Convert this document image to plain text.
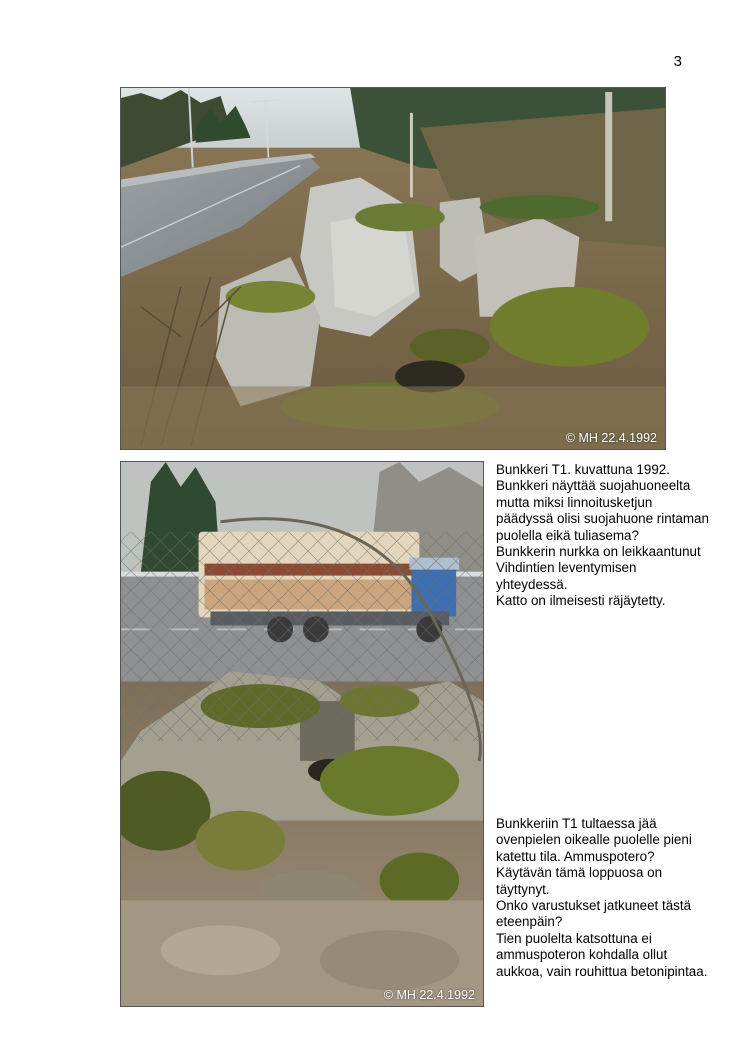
3
© MH 22.4.1992
© MH 22.4.1992
Bunkkeri T1. kuvattuna 1992.
Bunkkeri näyttää suojahuoneelta mutta miksi linnoitusketjun päädyssä olisi suojahuone rintaman puolella eikä tuliasema?
Bunkkerin nurkka on leikkaantunut Vihdintien leventymisen yhteydessä.
Katto on ilmeisesti räjäytetty.
Bunkkeriin T1 tultaessa jää ovenpielen oikealle puolelle pieni katettu tila. Ammuspotero?
Käytävän tämä loppuosa on täyttynyt.
Onko varustukset jatkuneet tästä eteenpäin?
Tien puolelta katsottuna ei ammuspoteron kohdalla ollut aukkoa, vain rouhittua betonipintaa.
